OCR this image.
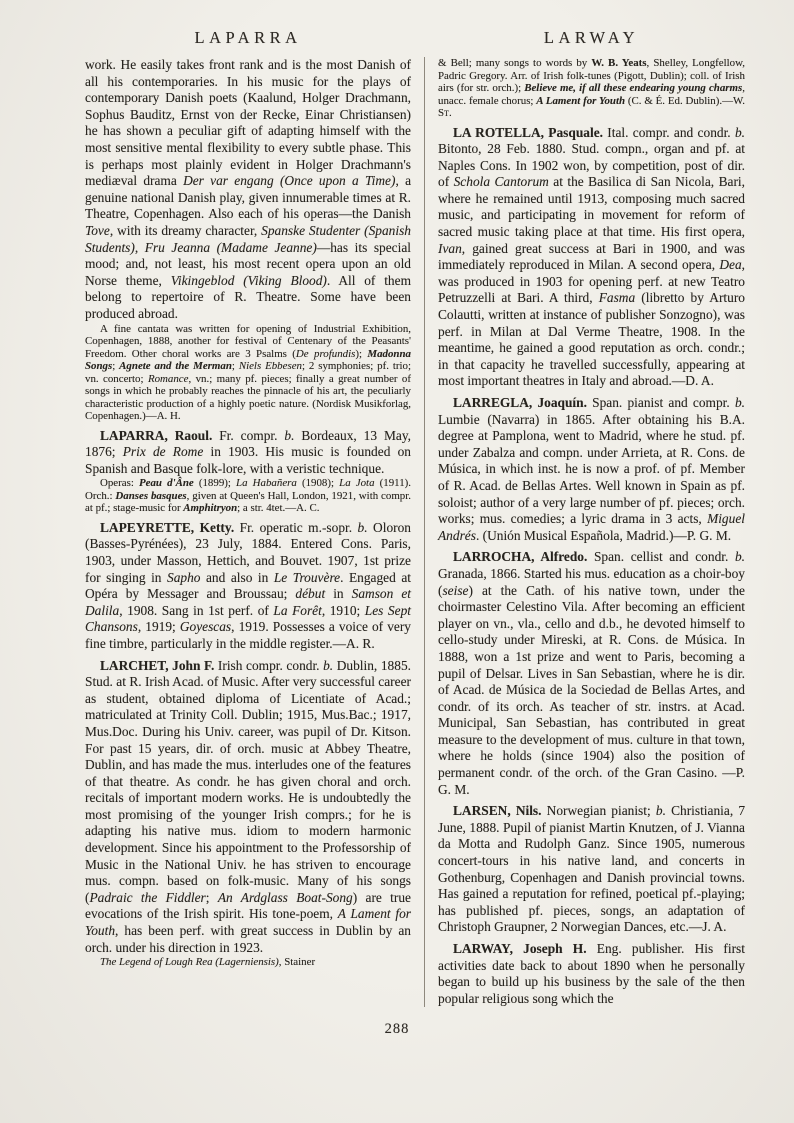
LAPARRA	LARWAY

work. He easily takes front rank and is the most Danish of all his contemporaries. In his music for the plays of contemporary Danish poets (Kaalund, Holger Drachmann, Sophus Bauditz, Ernst von der Recke, Einar Christiansen) he has shown a peculiar gift of adapting himself with the most sensitive mental flexibility to every subtle phase. This is perhaps most plainly evident in Holger Drachmann's mediæval drama Der var engang (Once upon a Time), a genuine national Danish play, given innumerable times at R. Theatre, Copenhagen. Also each of his operas—the Danish Tove, with its dreamy character, Spanske Studenter (Spanish Students), Fru Jeanna (Madame Jeanne)—has its special mood; and, not least, his most recent opera upon an old Norse theme, Vikingeblod (Viking Blood). All of them belong to repertoire of R. Theatre. Some have been produced abroad.

A fine cantata was written for opening of Industrial Exhibition, Copenhagen, 1888, another for festival of Centenary of the Peasants' Freedom. Other choral works are 3 Psalms (De profundis); Madonna Songs; Agnete and the Merman; Niels Ebbesen; 2 symphonies; pf. trio; vn. concerto; Romance, vn.; many pf. pieces; finally a great number of songs in which he probably reaches the pinnacle of his art, the peculiarly characteristic production of a highly poetic nature. (Nordisk Musikforlag, Copenhagen.)—A. H.

LAPARRA, Raoul. Fr. compr. b. Bordeaux, 13 May, 1876; Prix de Rome in 1903. His music is founded on Spanish and Basque folk-lore, with a veristic technique.

Operas: Peau d'Âne (1899); La Habañera (1908); La Jota (1911). Orch.: Danses basques, given at Queen's Hall, London, 1921, with compr. at pf.; stage-music for Amphitryon; a str. 4tet.—A. C.

LAPEYRETTE, Ketty. Fr. operatic m.-sopr. b. Oloron (Basses-Pyrénées), 23 July, 1884. Entered Cons. Paris, 1903, under Masson, Hettich, and Bouvet. 1907, 1st prize for singing in Sapho and also in Le Trouvère. Engaged at Opéra by Messager and Broussau; début in Samson et Dalila, 1908. Sang in 1st perf. of La Forêt, 1910; Les Sept Chansons, 1919; Goyescas, 1919. Possesses a voice of very fine timbre, particularly in the middle register.—A. R.

LARCHET, John F. Irish compr. condr. b. Dublin, 1885. Stud. at R. Irish Acad. of Music. After very successful career as student, obtained diploma of Licentiate of Acad.; matriculated at Trinity Coll. Dublin; 1915, Mus.Bac.; 1917, Mus.Doc. During his Univ. career, was pupil of Dr. Kitson. For past 15 years, dir. of orch. music at Abbey Theatre, Dublin, and has made the mus. interludes one of the features of that theatre. As condr. he has given choral and orch. recitals of important modern works. He is undoubtedly the most promising of the younger Irish comprs.; for he is adapting his native mus. idiom to modern harmonic development. Since his appointment to the Professorship of Music in the National Univ. he has striven to encourage mus. compn. based on folk-music. Many of his songs (Padraic the Fiddler; An Ardglass Boat-Song) are true evocations of the Irish spirit. His tone-poem, A Lament for Youth, has been perf. with great success in Dublin by an orch. under his direction in 1923.

The Legend of Lough Rea (Lagerniensis), Stainer

& Bell; many songs to words by W. B. Yeats, Shelley, Longfellow, Padric Gregory. Arr. of Irish folk-tunes (Pigott, Dublin); coll. of Irish airs (for str. orch.); Believe me, if all these endearing young charms, unacc. female chorus; A Lament for Youth (C. & É. Ed. Dublin).—W. St.

LA ROTELLA, Pasquale. Ital. compr. and condr. b. Bitonto, 28 Feb. 1880. Stud. compn., organ and pf. at Naples Cons. In 1902 won, by competition, post of dir. of Schola Cantorum at the Basilica di San Nicola, Bari, where he remained until 1913, composing much sacred music, and participating in movement for reform of sacred music taking place at that time. His first opera, Ivan, gained great success at Bari in 1900, and was immediately reproduced in Milan. A second opera, Dea, was produced in 1903 for opening perf. at new Teatro Petruzzelli at Bari. A third, Fasma (libretto by Arturo Colautti, written at instance of publisher Sonzogno), was perf. in Milan at Dal Verme Theatre, 1908. In the meantime, he gained a good reputation as orch. condr.; in that capacity he travelled successfully, appearing at most important theatres in Italy and abroad.—D. A.

LARREGLA, Joaquín. Span. pianist and compr. b. Lumbie (Navarra) in 1865. After obtaining his B.A. degree at Pamplona, went to Madrid, where he stud. pf. under Zabalza and compn. under Arrieta, at R. Cons. de Música, in which inst. he is now a prof. of pf. Member of R. Acad. de Bellas Artes. Well known in Spain as pf. soloist; author of a very large number of pf. pieces; orch. works; mus. comedies; a lyric drama in 3 acts, Miguel Andrés. (Unión Musical Española, Madrid.)—P. G. M.

LARROCHA, Alfredo. Span. cellist and condr. b. Granada, 1866. Started his mus. education as a choir-boy (seise) at the Cath. of his native town, under the choirmaster Celestino Vila. After becoming an efficient player on vn., vla., cello and d.b., he devoted himself to cello-study under Mireski, at R. Cons. de Música. In 1888, won a 1st prize and went to Paris, becoming a pupil of Delsar. Lives in San Sebastian, where he is dir. of Acad. de Música de la Sociedad de Bellas Artes, and condr. of its orch. As teacher of str. instrs. at Acad. Municipal, San Sebastian, has contributed in great measure to the development of mus. culture in that town, where he holds (since 1904) also the position of permanent condr. of the orch. of the Gran Casino. —P. G. M.

LARSEN, Nils. Norwegian pianist; b. Christiania, 7 June, 1888. Pupil of pianist Martin Knutzen, of J. Vianna da Motta and Rudolph Ganz. Since 1905, numerous concert-tours in his native land, and concerts in Gothenburg, Copenhagen and Danish provincial towns. Has gained a reputation for refined, poetical pf.-playing; has published pf. pieces, songs, an adaptation of Christoph Graupner, 2 Norwegian Dances, etc.—J. A.

LARWAY, Joseph H. Eng. publisher. His first activities date back to about 1890 when he personally began to build up his business by the sale of the then popular religious song which the

288
